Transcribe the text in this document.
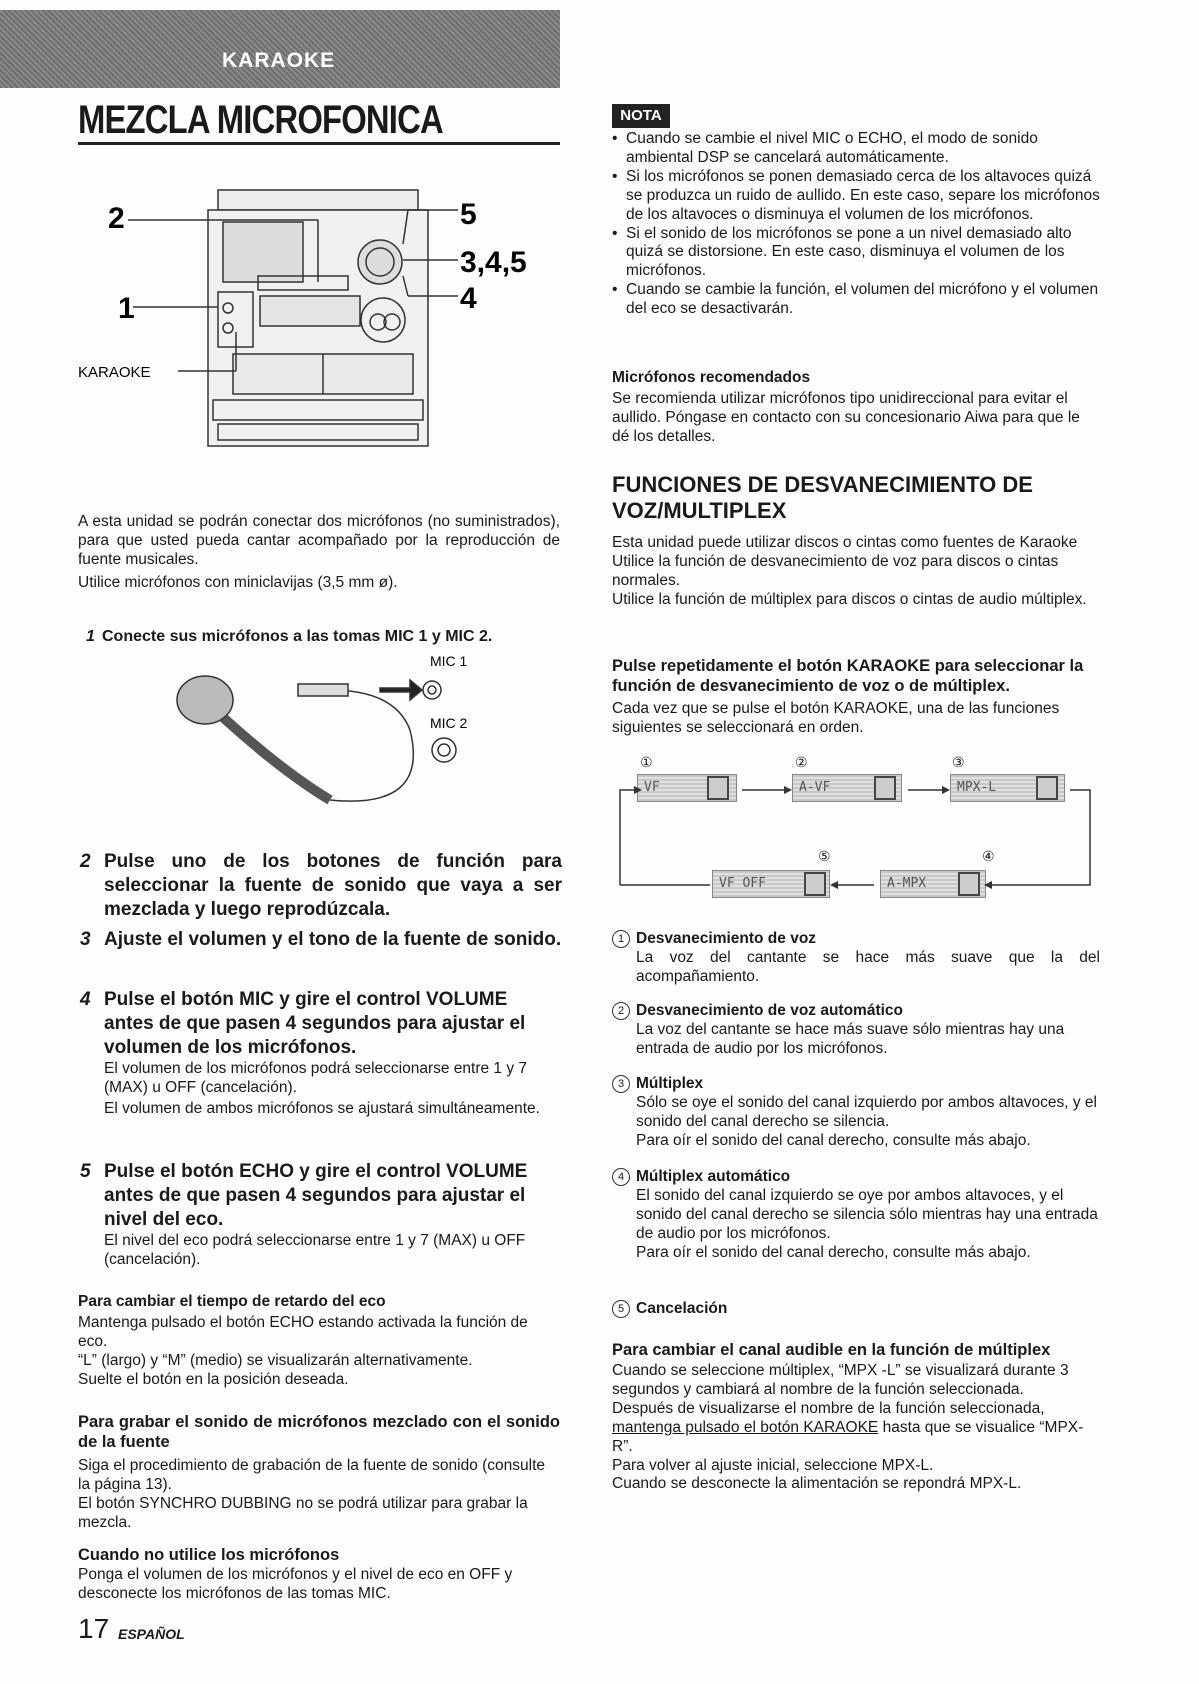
KARAOKE
MEZCLA MICROFONICA
2	5
3,4,5
1	4
KARAOKE
A esta unidad se podrán conectar dos micrófonos (no suministrados), para que usted pueda cantar acompañado por la reproducción de fuente musicales.
Utilice micrófonos con miniclavijas (3,5 mm ø).
1 Conecte sus micrófonos a las tomas MIC 1 y MIC 2.
MIC 1
MIC 2
2 Pulse uno de los botones de función para seleccionar la fuente de sonido que vaya a ser mezclada y luego reprodúzcala.
3 Ajuste el volumen y el tono de la fuente de sonido.
4 Pulse el botón MIC y gire el control VOLUME antes de que pasen 4 segundos para ajustar el volumen de los micrófonos.
El volumen de los micrófonos podrá seleccionarse entre 1 y 7 (MAX) u OFF (cancelación).
El volumen de ambos micrófonos se ajustará simultáneamente.
5 Pulse el botón ECHO y gire el control VOLUME antes de que pasen 4 segundos para ajustar el nivel del eco.
El nivel del eco podrá seleccionarse entre 1 y 7 (MAX) u OFF (cancelación).
Para cambiar el tiempo de retardo del eco
Mantenga pulsado el botón ECHO estando activada la función de eco.
“L” (largo) y “M” (medio) se visualizarán alternativamente.
Suelte el botón en la posición deseada.
Para grabar el sonido de micrófonos mezclado con el sonido de la fuente
Siga el procedimiento de grabación de la fuente de sonido (consulte la página 13).
El botón SYNCHRO DUBBING no se podrá utilizar para grabar la mezcla.
Cuando no utilice los micrófonos
Ponga el volumen de los micrófonos y el nivel de eco en OFF y desconecte los micrófonos de las tomas MIC.
17 ESPAÑOL
NOTA
• Cuando se cambie el nivel MIC o ECHO, el modo de sonido ambiental DSP se cancelará automáticamente.
• Si los micrófonos se ponen demasiado cerca de los altavoces quizá se produzca un ruido de aullido. En este caso, separe los micrófonos de los altavoces o disminuya el volumen de los micrófonos.
• Si el sonido de los micrófonos se pone a un nivel demasiado alto quizá se distorsione. En este caso, disminuya el volumen de los micrófonos.
• Cuando se cambie la función, el volumen del micrófono y el volumen del eco se desactivarán.
Micrófonos recomendados
Se recomienda utilizar micrófonos tipo unidireccional para evitar el aullido. Póngase en contacto con su concesionario Aiwa para que le dé los detalles.
FUNCIONES DE DESVANECIMIENTO DE VOZ/MULTIPLEX
Esta unidad puede utilizar discos o cintas como fuentes de Karaoke
Utilice la función de desvanecimiento de voz para discos o cintas normales.
Utilice la función de múltiplex para discos o cintas de audio múltiplex.
Pulse repetidamente el botón KARAOKE para seleccionar la función de desvanecimiento de voz o de múltiplex.
Cada vez que se pulse el botón KARAOKE, una de las funciones siguientes se seleccionará en orden.
①	②	③
VF	A-VF	MPX-L
⑤	④
VF OFF	A-MPX
1 Desvanecimiento de voz
La voz del cantante se hace más suave que la del acompañamiento.
2 Desvanecimiento de voz automático
La voz del cantante se hace más suave sólo mientras hay una entrada de audio por los micrófonos.
3 Múltiplex
Sólo se oye el sonido del canal izquierdo por ambos altavoces, y el sonido del canal derecho se silencia.
Para oír el sonido del canal derecho, consulte más abajo.
4 Múltiplex automático
El sonido del canal izquierdo se oye por ambos altavoces, y el sonido del canal derecho se silencia sólo mientras hay una entrada de audio por los micrófonos.
Para oír el sonido del canal derecho, consulte más abajo.
5 Cancelación
Para cambiar el canal audible en la función de múltiplex
Cuando se seleccione múltiplex, “MPX -L” se visualizará durante 3 segundos y cambiará al nombre de la función seleccionada.
Después de visualizarse el nombre de la función seleccionada, mantenga pulsado el botón KARAOKE hasta que se visualice “MPX-R”.
Para volver al ajuste inicial, seleccione MPX-L.
Cuando se desconecte la alimentación se repondrá MPX-L.
